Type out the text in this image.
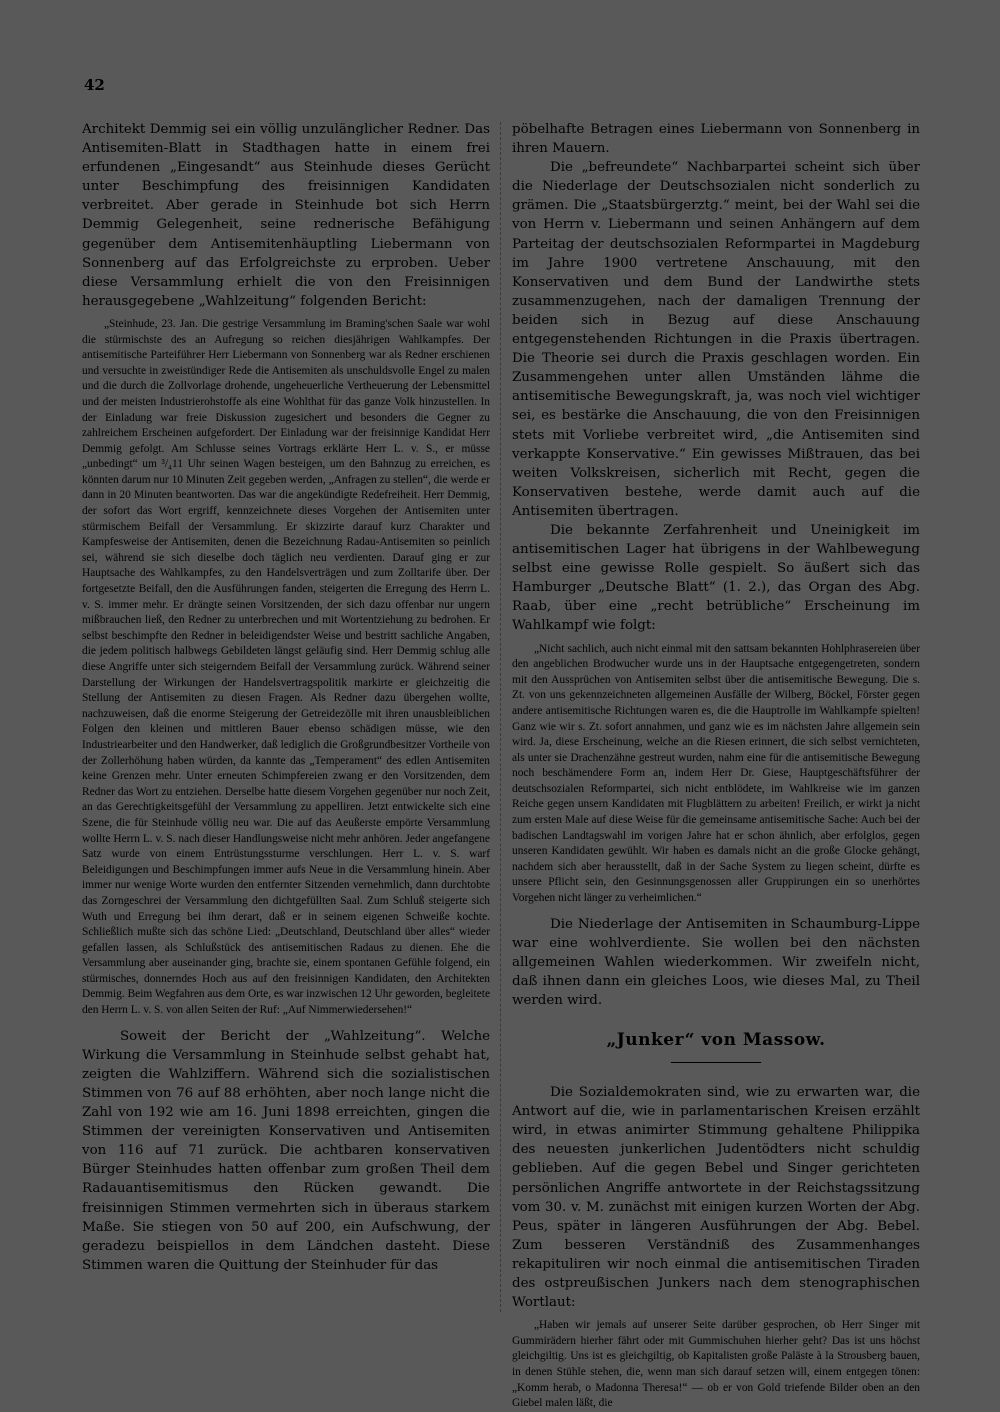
42

Architekt Demmig sei ein völlig unzulänglicher Redner. Das Antisemiten-Blatt in Stadthagen hatte in einem frei erfundenen „Eingesandt“ aus Steinhude dieses Gerücht unter Beschimpfung des freisinnigen Kandidaten verbreitet. Aber gerade in Steinhude bot sich Herrn Demmig Gelegenheit, seine rednerische Befähigung gegenüber dem Antisemitenhäuptling Liebermann von Sonnenberg auf das Erfolgreichste zu erproben. Ueber diese Versammlung erhielt die von den Freisinnigen herausgegebene „Wahlzeitung“ folgenden Bericht:

„Steinhude, 23. Jan. Die gestrige Versammlung im Braming'schen Saale war wohl die stürmischste des an Aufregung so reichen diesjährigen Wahlkampfes. Der antisemitische Parteiführer Herr Liebermann von Sonnenberg war als Redner erschienen und versuchte in zweistündiger Rede die Antisemiten als unschuldsvolle Engel zu malen und die durch die Zollvorlage drohende, ungeheuerliche Vertheuerung der Lebensmittel und der meisten Industrierohstoffe als eine Wohlthat für das ganze Volk hinzustellen. In der Einladung war freie Diskussion zugesichert und besonders die Gegner zu zahlreichem Erscheinen aufgefordert. Der Einladung war der freisinnige Kandidat Herr Demmig gefolgt. Am Schlusse seines Vortrags erklärte Herr L. v. S., er müsse „unbedingt“ um ³/₄11 Uhr seinen Wagen besteigen, um den Bahnzug zu erreichen, es könnten darum nur 10 Minuten Zeit gegeben werden, „Anfragen zu stellen“, die werde er dann in 20 Minuten beantworten. Das war die angekündigte Redefreiheit. Herr Demmig, der sofort das Wort ergriff, kennzeichnete dieses Vorgehen der Antisemiten unter stürmischem Beifall der Versammlung. Er skizzirte darauf kurz Charakter und Kampfesweise der Antisemiten, denen die Bezeichnung Radau-Antisemiten so peinlich sei, während sie sich dieselbe doch täglich neu verdienten. Darauf ging er zur Hauptsache des Wahlkampfes, zu den Handelsverträgen und zum Zolltarife über. Der fortgesetzte Beifall, den die Ausführungen fanden, steigerten die Erregung des Herrn L. v. S. immer mehr. Er drängte seinen Vorsitzenden, der sich dazu offenbar nur ungern mißbrauchen ließ, den Redner zu unterbrechen und mit Wortentziehung zu bedrohen. Er selbst beschimpfte den Redner in beleidigendster Weise und bestritt sachliche Angaben, die jedem politisch halbwegs Gebildeten längst geläufig sind. Herr Demmig schlug alle diese Angriffe unter sich steigerndem Beifall der Versammlung zurück. Während seiner Darstellung der Wirkungen der Handelsvertragspolitik markirte er gleichzeitig die Stellung der Antisemiten zu diesen Fragen. Als Redner dazu übergehen wollte, nachzuweisen, daß die enorme Steigerung der Getreidezölle mit ihren unausbleiblichen Folgen den kleinen und mittleren Bauer ebenso schädigen müsse, wie den Industriearbeiter und den Handwerker, daß lediglich die Großgrundbesitzer Vortheile von der Zollerhöhung haben würden, da kannte das „Temperament“ des edlen Antisemiten keine Grenzen mehr. Unter erneuten Schimpfereien zwang er den Vorsitzenden, dem Redner das Wort zu entziehen. Derselbe hatte diesem Vorgehen gegenüber nur noch Zeit, an das Gerechtigkeitsgefühl der Versammlung zu appelliren. Jetzt entwickelte sich eine Szene, die für Steinhude völlig neu war. Die auf das Aeußerste empörte Versammlung wollte Herrn L. v. S. nach dieser Handlungsweise nicht mehr anhören. Jeder angefangene Satz wurde von einem Entrüstungssturme verschlungen. Herr L. v. S. warf Beleidigungen und Beschimpfungen immer aufs Neue in die Versammlung hinein. Aber immer nur wenige Worte wurden den entfernter Sitzenden vernehmlich, dann durchtobte das Zorngeschrei der Versammlung den dichtgefüllten Saal. Zum Schluß steigerte sich Wuth und Erregung bei ihm derart, daß er in seinem eigenen Schweiße kochte. Schließlich mußte sich das schöne Lied: „Deutschland, Deutschland über alles“ wieder gefallen lassen, als Schlußstück des antisemitischen Radaus zu dienen. Ehe die Versammlung aber auseinander ging, brachte sie, einem spontanen Gefühle folgend, ein stürmisches, donnerndes Hoch aus auf den freisinnigen Kandidaten, den Architekten Demmig. Beim Wegfahren aus dem Orte, es war inzwischen 12 Uhr geworden, begleitete den Herrn L. v. S. von allen Seiten der Ruf: „Auf Nimmerwiedersehen!“

Soweit der Bericht der „Wahlzeitung“. Welche Wirkung die Versammlung in Steinhude selbst gehabt hat, zeigten die Wahlziffern. Während sich die sozialistischen Stimmen von 76 auf 88 erhöhten, aber noch lange nicht die Zahl von 192 wie am 16. Juni 1898 erreichten, gingen die Stimmen der vereinigten Konservativen und Antisemiten von 116 auf 71 zurück. Die achtbaren konservativen Bürger Steinhudes hatten offenbar zum großen Theil dem Radauantisemitismus den Rücken gewandt. Die freisinnigen Stimmen vermehrten sich in überaus starkem Maße. Sie stiegen von 50 auf 200, ein Aufschwung, der geradezu beispiellos in dem Ländchen dasteht. Diese Stimmen waren die Quittung der Steinhuder für das

pöbelhafte Betragen eines Liebermann von Sonnenberg in ihren Mauern.

Die „befreundete“ Nachbarpartei scheint sich über die Niederlage der Deutschsozialen nicht sonderlich zu grämen. Die „Staatsbürgerztg.“ meint, bei der Wahl sei die von Herrn v. Liebermann und seinen Anhängern auf dem Parteitag der deutschsozialen Reformpartei in Magdeburg im Jahre 1900 vertretene Anschauung, mit den Konservativen und dem Bund der Landwirthe stets zusammenzugehen, nach der damaligen Trennung der beiden sich in Bezug auf diese Anschauung entgegenstehenden Richtungen in die Praxis übertragen. Die Theorie sei durch die Praxis geschlagen worden. Ein Zusammengehen unter allen Umständen lähme die antisemitische Bewegungskraft, ja, was noch viel wichtiger sei, es bestärke die Anschauung, die von den Freisinnigen stets mit Vorliebe verbreitet wird, „die Antisemiten sind verkappte Konservative.“ Ein gewisses Mißtrauen, das bei weiten Volkskreisen, sicherlich mit Recht, gegen die Konservativen bestehe, werde damit auch auf die Antisemiten übertragen.

Die bekannte Zerfahrenheit und Uneinigkeit im antisemitischen Lager hat übrigens in der Wahlbewegung selbst eine gewisse Rolle gespielt. So äußert sich das Hamburger „Deutsche Blatt“ (1. 2.), das Organ des Abg. Raab, über eine „recht betrübliche“ Erscheinung im Wahlkampf wie folgt:

„Nicht sachlich, auch nicht einmal mit den sattsam bekannten Hohlphrasereien über den angeblichen Brodwucher wurde uns in der Hauptsache entgegengetreten, sondern mit den Aussprüchen von Antisemiten selbst über die antisemitische Bewegung. Die s. Zt. von uns gekennzeichneten allgemeinen Ausfälle der Wilberg, Böckel, Förster gegen andere antisemitische Richtungen waren es, die die Hauptrolle im Wahlkampfe spielten! Ganz wie wir s. Zt. sofort annahmen, und ganz wie es im nächsten Jahre allgemein sein wird. Ja, diese Erscheinung, welche an die Riesen erinnert, die sich selbst vernichteten, als unter sie Drachenzähne gestreut wurden, nahm eine für die antisemitische Bewegung noch beschämendere Form an, indem Herr Dr. Giese, Hauptgeschäftsführer der deutschsozialen Reformpartei, sich nicht entblödete, im Wahlkreise wie im ganzen Reiche gegen unsern Kandidaten mit Flugblättern zu arbeiten! Freilich, er wirkt ja nicht zum ersten Male auf diese Weise für die gemeinsame antisemitische Sache: Auch bei der badischen Landtagswahl im vorigen Jahre hat er schon ähnlich, aber erfolglos, gegen unseren Kandidaten gewühlt. Wir haben es damals nicht an die große Glocke gehängt, nachdem sich aber herausstellt, daß in der Sache System zu liegen scheint, dürfte es unsere Pflicht sein, den Gesinnungsgenossen aller Gruppirungen ein so unerhörtes Vorgehen nicht länger zu verheimlichen.“

Die Niederlage der Antisemiten in Schaumburg-Lippe war eine wohlverdiente. Sie wollen bei den nächsten allgemeinen Wahlen wiederkommen. Wir zweifeln nicht, daß ihnen dann ein gleiches Loos, wie dieses Mal, zu Theil werden wird.

„Junker“ von Massow.

Die Sozialdemokraten sind, wie zu erwarten war, die Antwort auf die, wie in parlamentarischen Kreisen erzählt wird, in etwas animirter Stimmung gehaltene Philippika des neuesten junkerlichen Judentödters nicht schuldig geblieben. Auf die gegen Bebel und Singer gerichteten persönlichen Angriffe antwortete in der Reichstagssitzung vom 30. v. M. zunächst mit einigen kurzen Worten der Abg. Peus, später in längeren Ausführungen der Abg. Bebel. Zum besseren Verständniß des Zusammenhanges rekapituliren wir noch einmal die antisemitischen Tiraden des ostpreußischen Junkers nach dem stenographischen Wortlaut:

„Haben wir jemals auf unserer Seite darüber gesprochen, ob Herr Singer mit Gummirädern hierher fährt oder mit Gummischuhen hierher geht? Das ist uns höchst gleichgiltig. Uns ist es gleichgiltig, ob Kapitalisten große Paläste à la Strousberg bauen, in denen Stühle stehen, die, wenn man sich darauf setzen will, einem entgegen tönen: „Komm herab, o Madonna Theresa!“ — ob er von Gold triefende Bilder oben an den Giebel malen läßt, die
